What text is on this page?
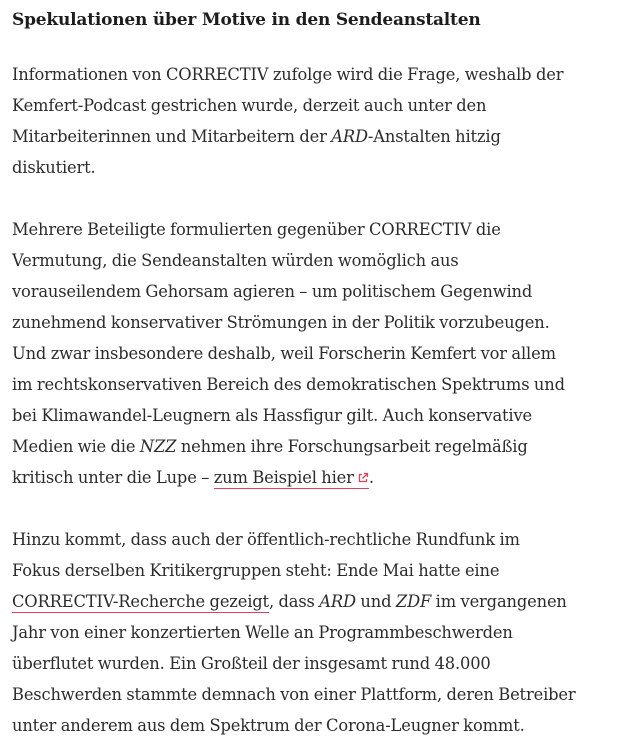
Spekulationen über Motive in den Sendeanstalten

Informationen von CORRECTIV zufolge wird die Frage, weshalb der
Kemfert-Podcast gestrichen wurde, derzeit auch unter den
Mitarbeiterinnen und Mitarbeitern der ARD-Anstalten hitzig
diskutiert.

Mehrere Beteiligte formulierten gegenüber CORRECTIV die
Vermutung, die Sendeanstalten würden womöglich aus
vorauseilendem Gehorsam agieren – um politischem Gegenwind
zunehmend konservativer Strömungen in der Politik vorzubeugen.
Und zwar insbesondere deshalb, weil Forscherin Kemfert vor allem
im rechtskonservativen Bereich des demokratischen Spektrums und
bei Klimawandel-Leugnern als Hassfigur gilt. Auch konservative
Medien wie die NZZ nehmen ihre Forschungsarbeit regelmäßig
kritisch unter die Lupe – zum Beispiel hier .

Hinzu kommt, dass auch der öffentlich-rechtliche Rundfunk im
Fokus derselben Kritikergruppen steht: Ende Mai hatte eine
CORRECTIV-Recherche gezeigt, dass ARD und ZDF im vergangenen
Jahr von einer konzertierten Welle an Programmbeschwerden
überflutet wurden. Ein Großteil der insgesamt rund 48.000
Beschwerden stammte demnach von einer Plattform, deren Betreiber
unter anderem aus dem Spektrum der Corona-Leugner kommt.
